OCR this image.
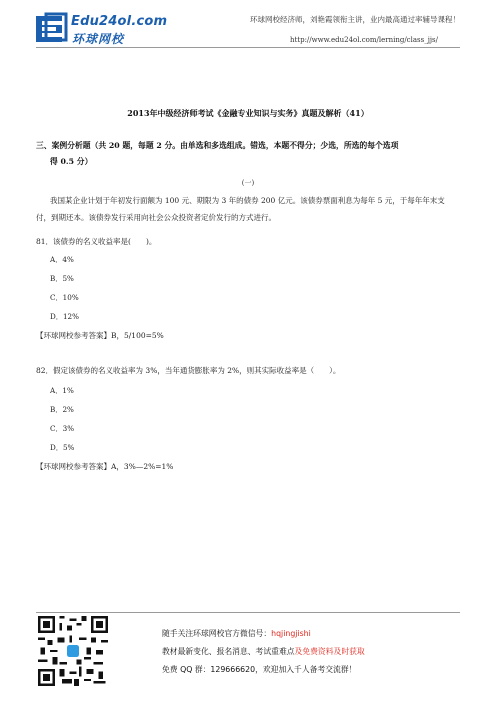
Edu24ol.com
环球网校
环球网校经济师，刘艳霞领衔主讲，业内最高通过率辅导课程！
http://www.edu24ol.com/lerning/class_jjs/
2013年中级经济师考试《金融专业知识与实务》真题及解析（41）
三、案例分析题（共 20 题，每题 2 分。由单选和多选组成。错选，本题不得分；少选，所选的每个选项
得 0.5 分）
(一)
我国某企业计划于年初发行面额为 100 元、期限为 3 年的债券 200 亿元。该债券票面利息为每年 5 元，于每年年末支付，到期还本。该债券发行采用向社会公众投资者定价发行的方式进行。
81．该债券的名义收益率是(　　)。
A．4%
B．5%
C．10%
D．12%
【环球网校参考答案】B，5/100=5%
82．假定该债券的名义收益率为 3%，当年通货膨胀率为 2%，则其实际收益率是（　　）。
A．1%
B．2%
C．3%
D．5%
【环球网校参考答案】A，3%—2%=1%
随手关注环球网校官方微信号：hqjingjishi
教材最新变化、报名消息、考试重难点及免费资料及时获取
免费 QQ 群：129666620，欢迎加入千人备考交流群！
